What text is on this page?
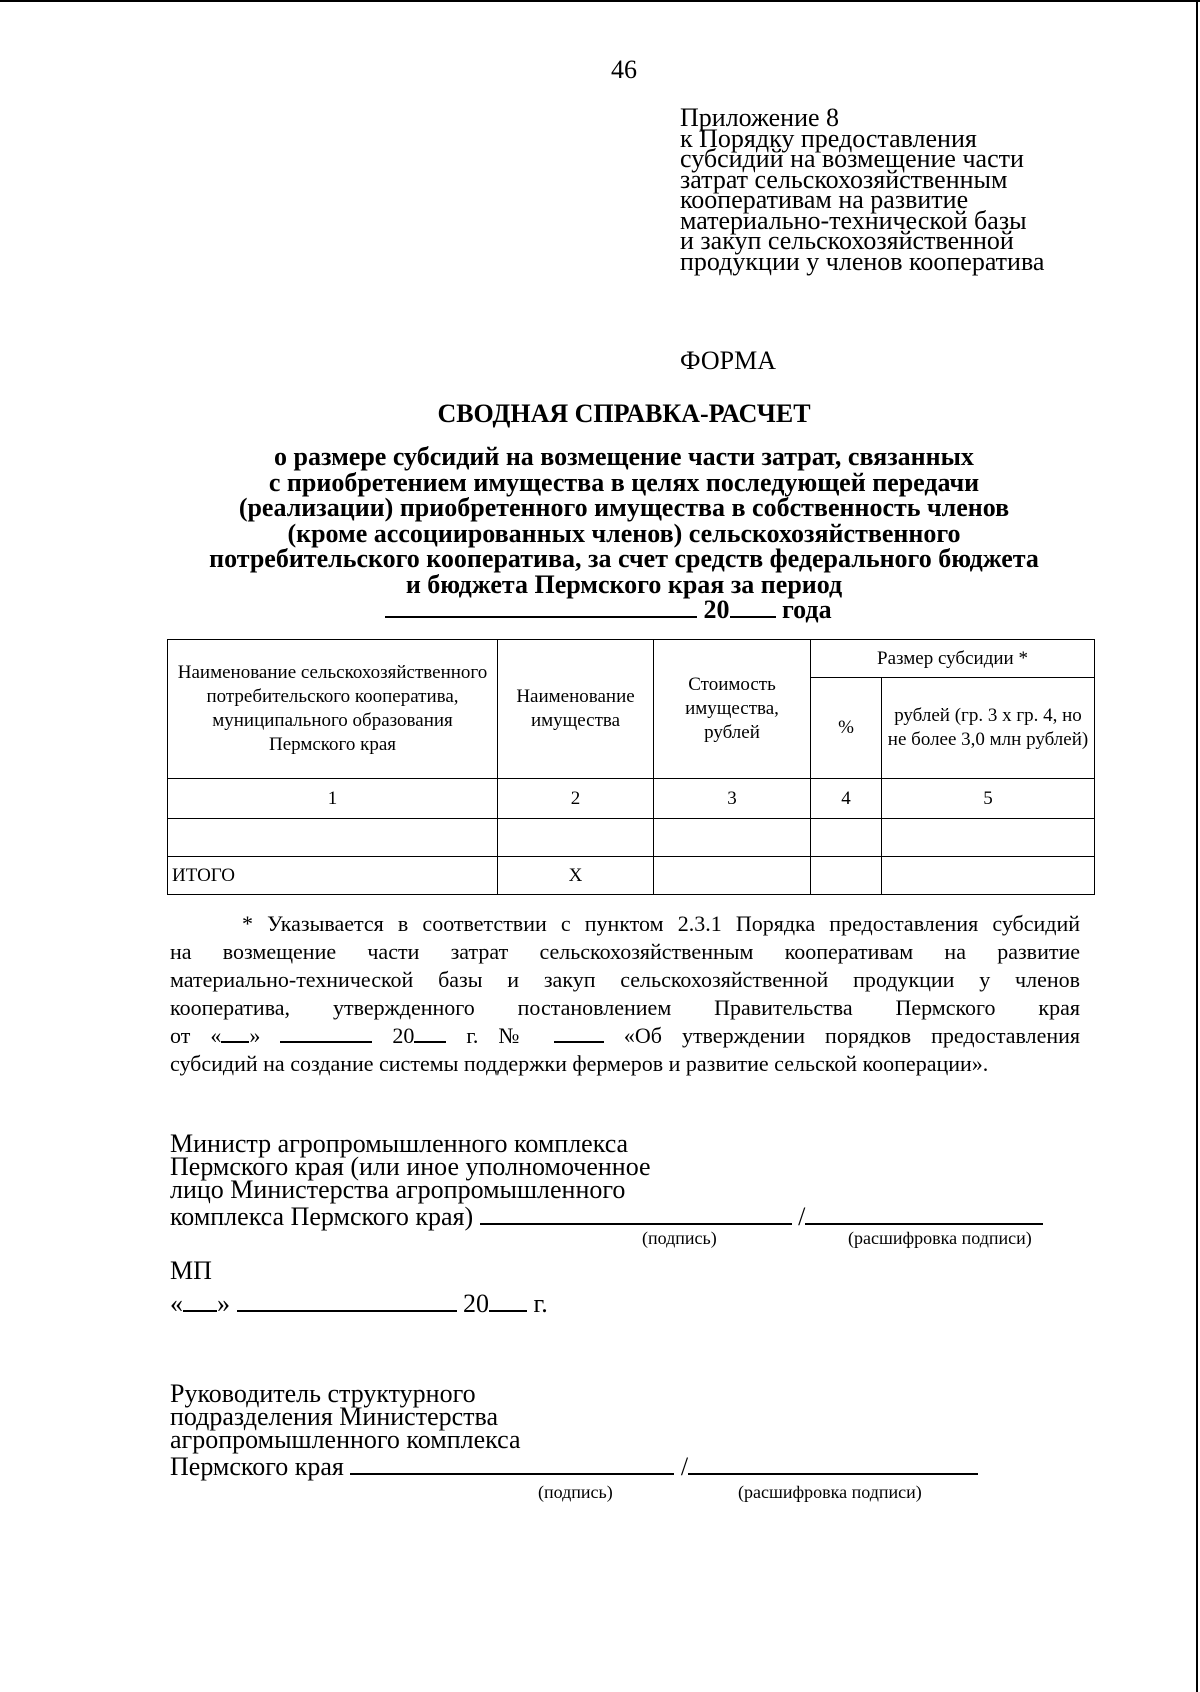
46
Приложение 8
к Порядку предоставления
субсидий на возмещение части
затрат сельскохозяйственным
кооперативам на развитие
материально-технической базы
и закуп сельскохозяйственной
продукции у членов кооператива
ФОРМА
СВОДНАЯ СПРАВКА-РАСЧЕТ
о размере субсидий на возмещение части затрат, связанных
с приобретением имущества в целях последующей передачи
(реализации) приобретенного имущества в собственность членов
(кроме ассоциированных членов) сельскохозяйственного
потребительского кооператива, за счет средств федерального бюджета
и бюджета Пермского края за период
20 года
Наименование сельскохозяйственного потребительского кооператива, муниципального образования Пермского края	Наименование имущества	Стоимость имущества, рублей	Размер субсидии *	
			%	рублей (гр. 3 х гр. 4, но не более 3,0 млн рублей)
1	2	3	4	5

ИТОГО	Х			
* Указывается в соответствии с пунктом 2.3.1 Порядка предоставления субсидий
на возмещение части затрат сельскохозяйственным кооперативам на развитие
материально-технической базы и закуп сельскохозяйственной продукции у членов
кооператива, утвержденного постановлением Правительства Пермского края
от « »	20 г. №	«Об утверждении порядков предоставления
субсидий на создание системы поддержки фермеров и развитие сельской кооперации».
Министр агропромышленного комплекса
Пермского края (или иное уполномоченное
лицо Министерства агропромышленного
комплекса Пермского края)	/
(подпись)	(расшифровка подписи)
МП
« »	20 г.
Руководитель структурного
подразделения Министерства
агропромышленного комплекса
Пермского края	/
(подпись)	(расшифровка подписи)
